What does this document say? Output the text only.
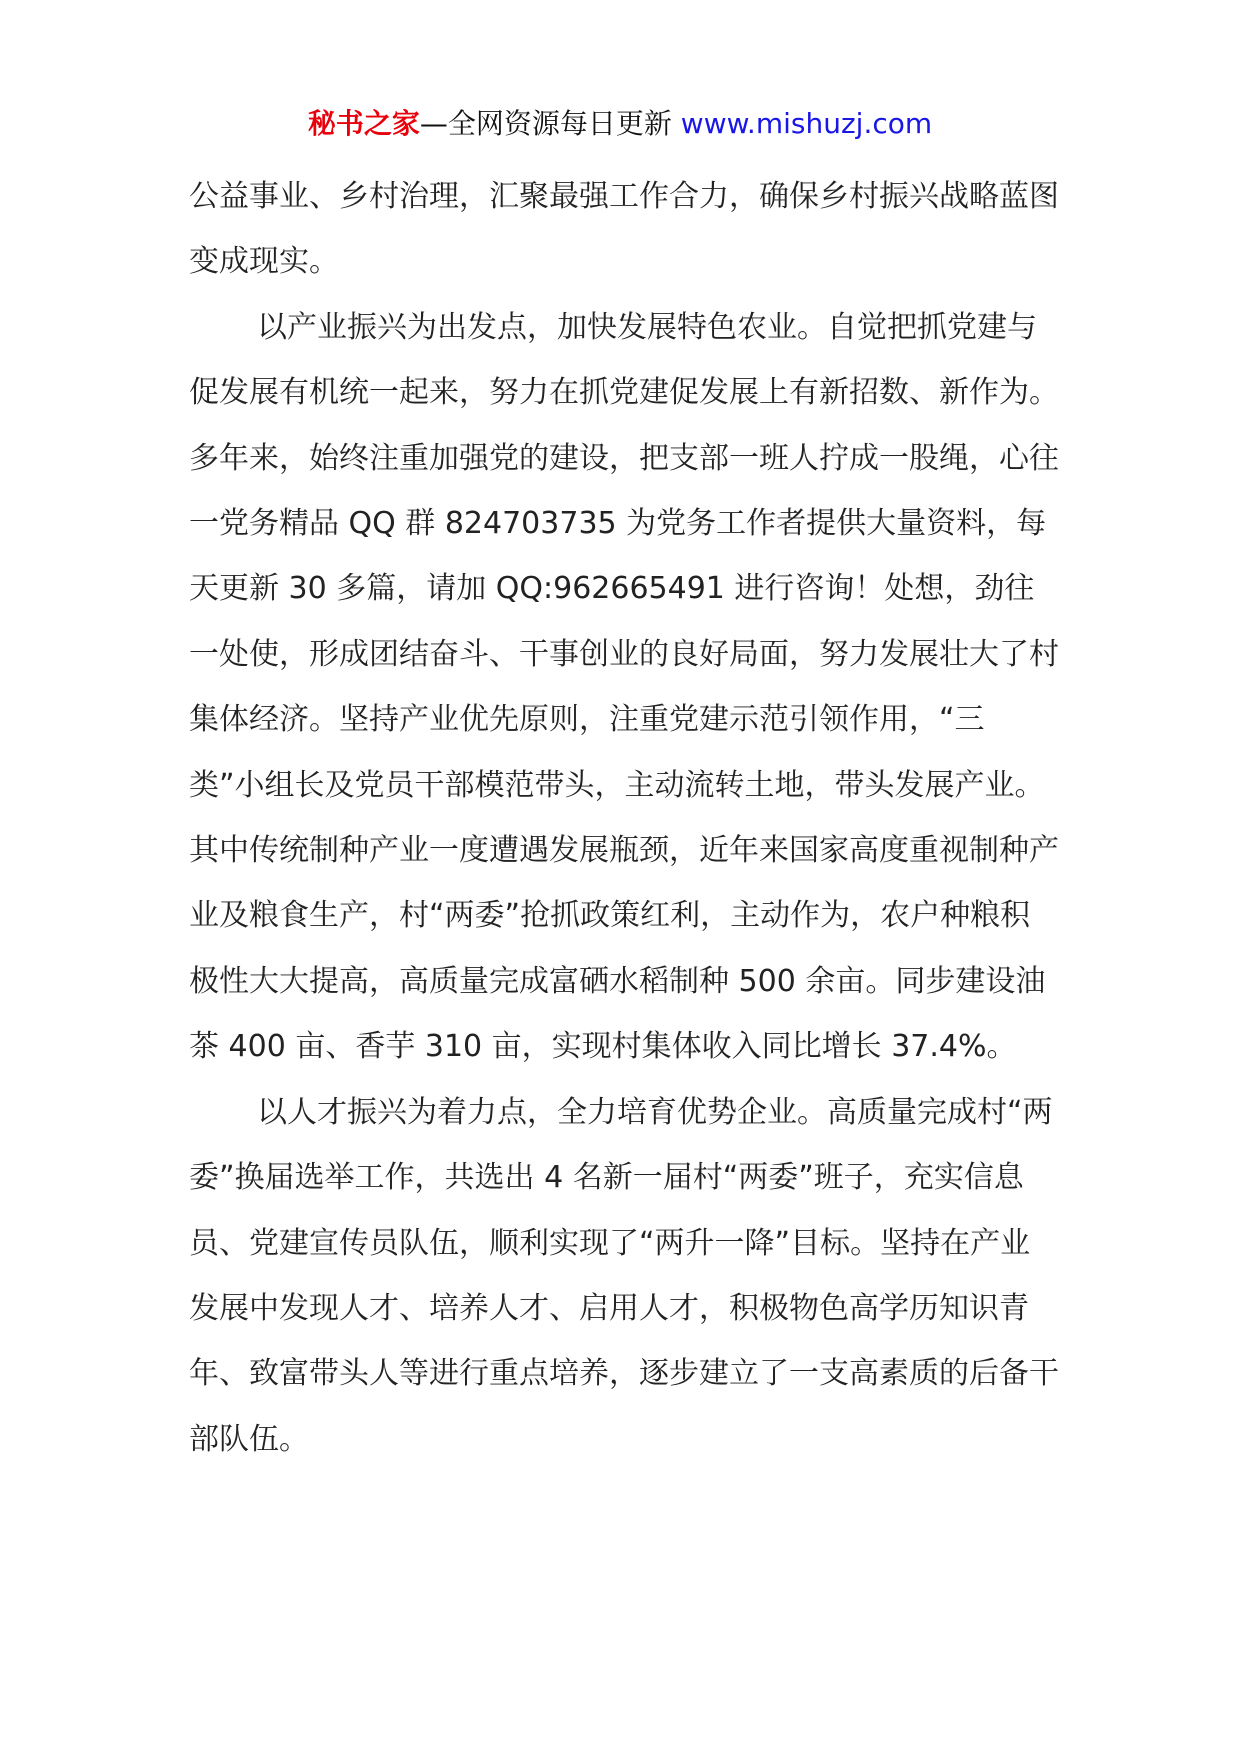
秘书之家—全网资源每日更新 www.mishuzj.com

公益事业、乡村治理，汇聚最强工作合力，确保乡村振兴战略蓝图变成现实。

以产业振兴为出发点，加快发展特色农业。自觉把抓党建与促发展有机统一起来，努力在抓党建促发展上有新招数、新作为。多年来，始终注重加强党的建设，把支部一班人拧成一股绳，心往一党务精品 QQ 群 824703735 为党务工作者提供大量资料，每天更新 30 多篇，请加 QQ:962665491 进行咨询！处想，劲往一处使，形成团结奋斗、干事创业的良好局面，努力发展壮大了村集体经济。坚持产业优先原则，注重党建示范引领作用，“三类”小组长及党员干部模范带头，主动流转土地，带头发展产业。其中传统制种产业一度遭遇发展瓶颈，近年来国家高度重视制种产业及粮食生产，村“两委”抢抓政策红利，主动作为，农户种粮积极性大大提高，高质量完成富硒水稻制种 500 余亩。同步建设油茶 400 亩、香芋 310 亩，实现村集体收入同比增长 37.4%。

以人才振兴为着力点，全力培育优势企业。高质量完成村“两委”换届选举工作，共选出 4 名新一届村“两委”班子，充实信息员、党建宣传员队伍，顺利实现了“两升一降”目标。坚持在产业发展中发现人才、培养人才、启用人才，积极物色高学历知识青年、致富带头人等进行重点培养，逐步建立了一支高素质的后备干部队伍。
